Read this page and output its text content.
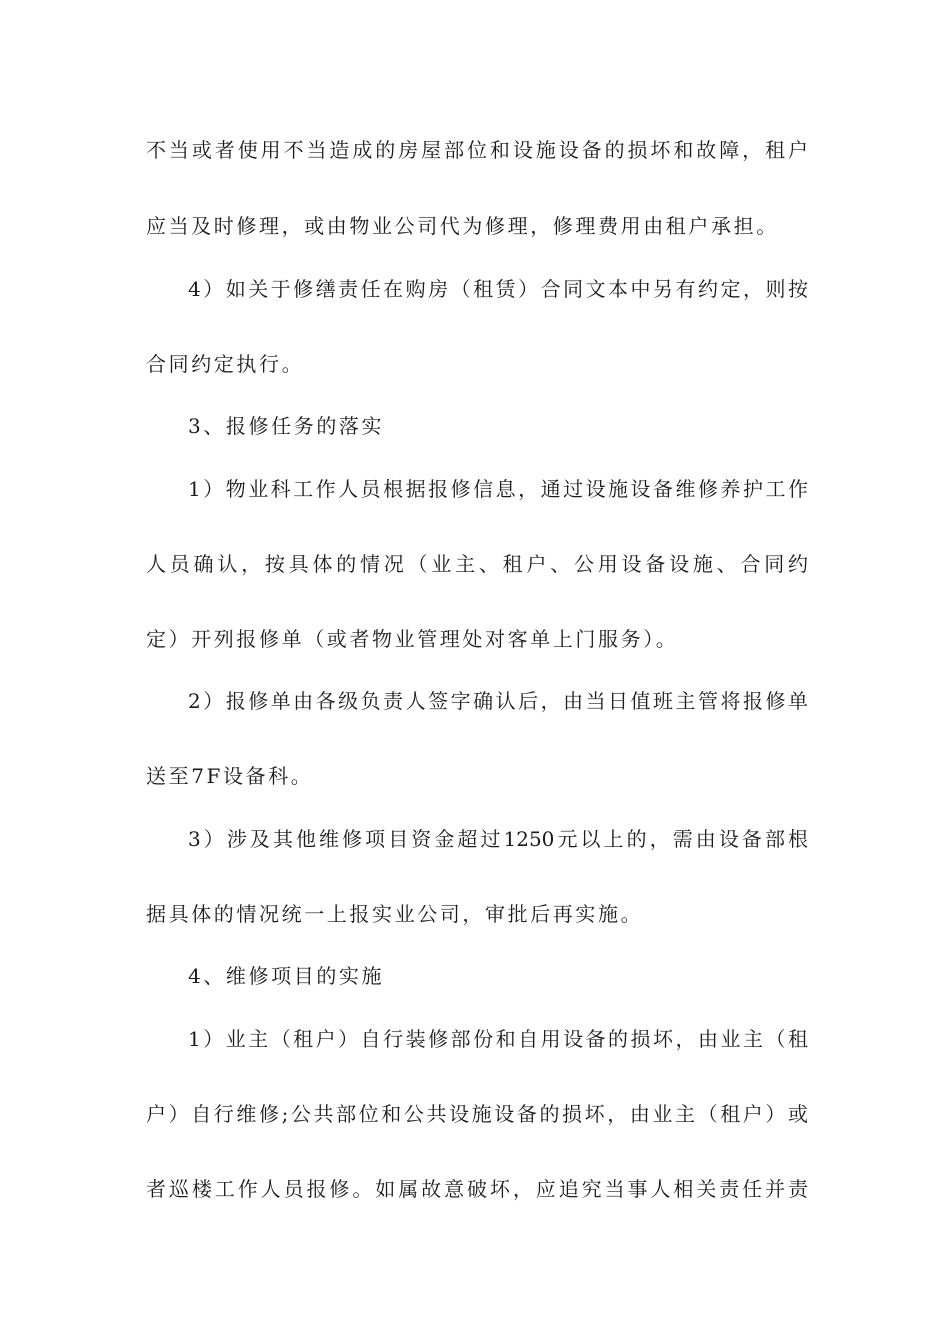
不当或者使用不当造成的房屋部位和设施设备的损坏和故障，租户
应当及时修理，或由物业公司代为修理，修理费用由租户承担。
4）如关于修缮责任在购房（租赁）合同文本中另有约定，则按
合同约定执行。
3、报修任务的落实
1）物业科工作人员根据报修信息，通过设施设备维修养护工作
人员确认，按具体的情况（业主、租户、公用设备设施、合同约
定）开列报修单（或者物业管理处对客单上门服务）。
2）报修单由各级负责人签字确认后，由当日值班主管将报修单
送至7F设备科。
3）涉及其他维修项目资金超过1250元以上的，需由设备部根
据具体的情况统一上报实业公司，审批后再实施。
4、维修项目的实施
1）业主（租户）自行装修部份和自用设备的损坏，由业主（租
户）自行维修;公共部位和公共设施设备的损坏，由业主（租户）或
者巡楼工作人员报修。如属故意破坏，应追究当事人相关责任并责
